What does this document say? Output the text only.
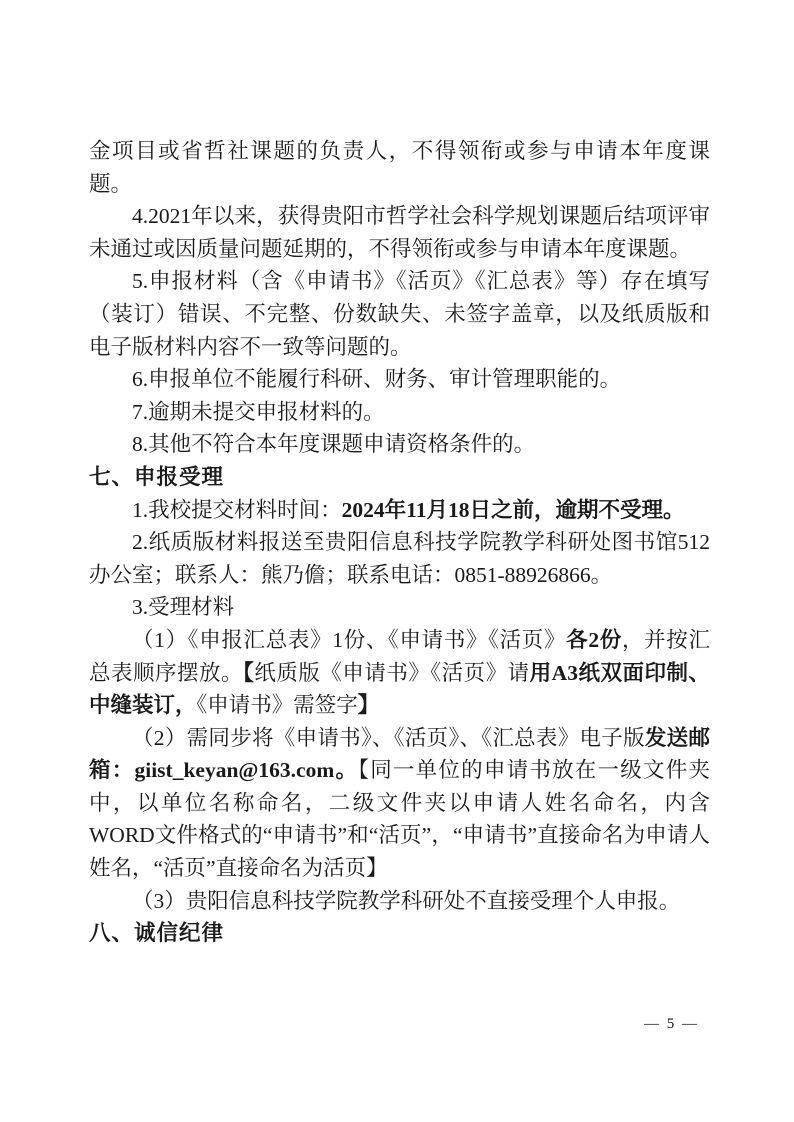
金项目或省哲社课题的负责人，不得领衔或参与申请本年度课题。

4.2021年以来，获得贵阳市哲学社会科学规划课题后结项评审未通过或因质量问题延期的，不得领衔或参与申请本年度课题。

5.申报材料（含《申请书》《活页》《汇总表》等）存在填写（装订）错误、不完整、份数缺失、未签字盖章，以及纸质版和电子版材料内容不一致等问题的。

6.申报单位不能履行科研、财务、审计管理职能的。

7.逾期未提交申报材料的。

8.其他不符合本年度课题申请资格条件的。

七、申报受理

1.我校提交材料时间：2024年11月18日之前，逾期不受理。

2.纸质版材料报送至贵阳信息科技学院教学科研处图书馆512办公室；联系人：熊乃儋；联系电话：0851-88926866。

3.受理材料

（1）《申报汇总表》1份、《申请书》《活页》各2份，并按汇总表顺序摆放。【纸质版《申请书》《活页》请用A3纸双面印制、中缝装订，《申请书》需签字】

（2）需同步将《申请书》、《活页》、《汇总表》电子版发送邮箱：giist_keyan@163.com。【同一单位的申请书放在一级文件夹中，以单位名称命名，二级文件夹以申请人姓名命名，内含WORD文件格式的“申请书”和“活页”，“申请书”直接命名为申请人姓名，“活页”直接命名为活页】

（3）贵阳信息科技学院教学科研处不直接受理个人申报。

八、诚信纪律

— 5 —
